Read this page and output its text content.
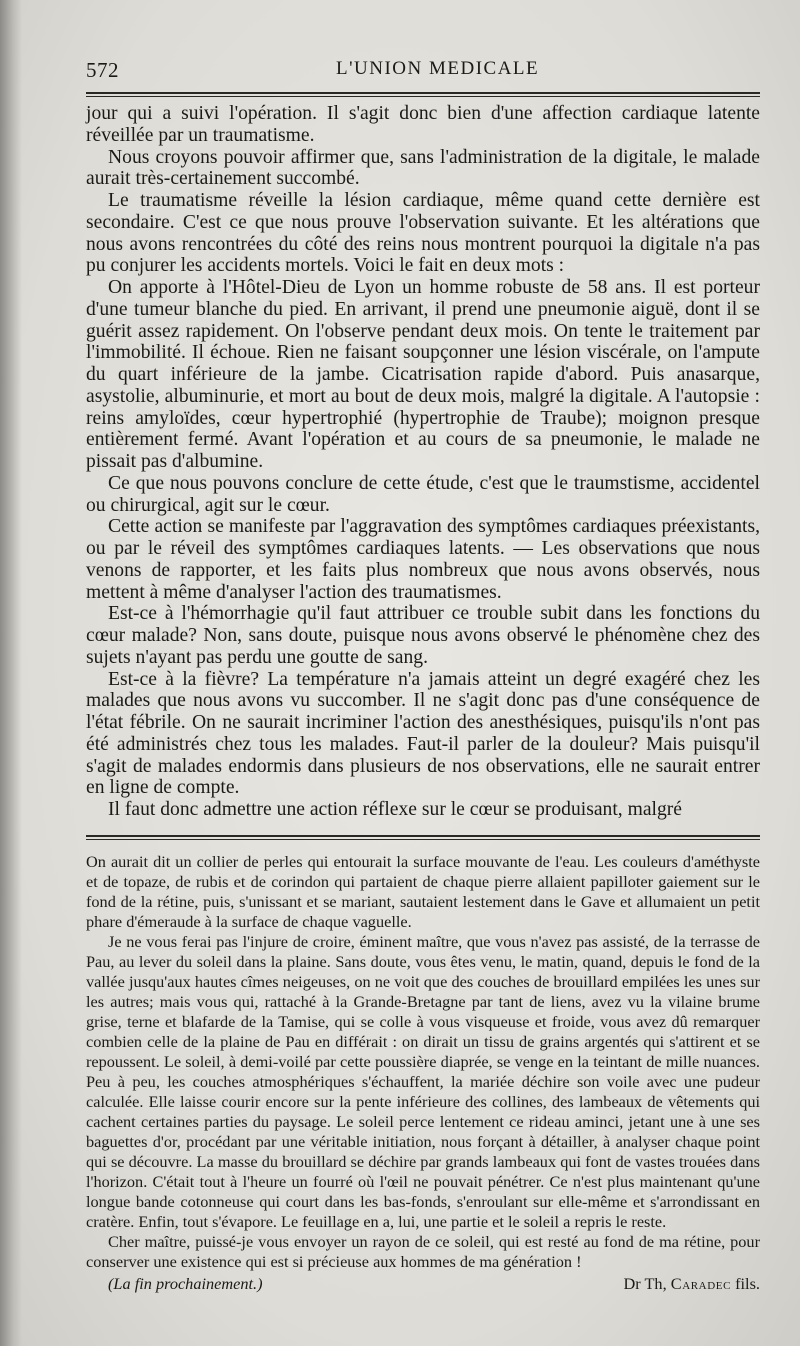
572	L'UNION MEDICALE

jour qui a suivi l'opération. Il s'agit donc bien d'une affection cardiaque latente réveillée par un traumatisme.

Nous croyons pouvoir affirmer que, sans l'administration de la digitale, le malade aurait très-certainement succombé.

Le traumatisme réveille la lésion cardiaque, même quand cette dernière est secondaire. C'est ce que nous prouve l'observation suivante. Et les altérations que nous avons rencontrées du côté des reins nous montrent pourquoi la digitale n'a pas pu conjurer les accidents mortels. Voici le fait en deux mots :

On apporte à l'Hôtel-Dieu de Lyon un homme robuste de 58 ans. Il est porteur d'une tumeur blanche du pied. En arrivant, il prend une pneumonie aiguë, dont il se guérit assez rapidement. On l'observe pendant deux mois. On tente le traitement par l'immobilité. Il échoue. Rien ne faisant soupçonner une lésion viscérale, on l'ampute du quart inférieure de la jambe. Cicatrisation rapide d'abord. Puis anasarque, asystolie, albuminurie, et mort au bout de deux mois, malgré la digitale. A l'autopsie : reins amyloïdes, cœur hypertrophié (hypertrophie de Traube); moignon presque entièrement fermé. Avant l'opération et au cours de sa pneumonie, le malade ne pissait pas d'albumine.

Ce que nous pouvons conclure de cette étude, c'est que le traumstisme, accidentel ou chirurgical, agit sur le cœur.

Cette action se manifeste par l'aggravation des symptômes cardiaques préexistants, ou par le réveil des symptômes cardiaques latents. — Les observations que nous venons de rapporter, et les faits plus nombreux que nous avons observés, nous mettent à même d'analyser l'action des traumatismes.

Est-ce à l'hémorrhagie qu'il faut attribuer ce trouble subit dans les fonctions du cœur malade? Non, sans doute, puisque nous avons observé le phénomène chez des sujets n'ayant pas perdu une goutte de sang.

Est-ce à la fièvre? La température n'a jamais atteint un degré exagéré chez les malades que nous avons vu succomber. Il ne s'agit donc pas d'une conséquence de l'état fébrile. On ne saurait incriminer l'action des anesthésiques, puisqu'ils n'ont pas été administrés chez tous les malades. Faut-il parler de la douleur? Mais puisqu'il s'agit de malades endormis dans plusieurs de nos observations, elle ne saurait entrer en ligne de compte.

Il faut donc admettre une action réflexe sur le cœur se produisant, malgré

On aurait dit un collier de perles qui entourait la surface mouvante de l'eau. Les couleurs d'améthyste et de topaze, de rubis et de corindon qui partaient de chaque pierre allaient papilloter gaiement sur le fond de la rétine, puis, s'unissant et se mariant, sautaient lestement dans le Gave et allumaient un petit phare d'émeraude à la surface de chaque vaguelle.

Je ne vous ferai pas l'injure de croire, éminent maître, que vous n'avez pas assisté, de la terrasse de Pau, au lever du soleil dans la plaine. Sans doute, vous êtes venu, le matin, quand, depuis le fond de la vallée jusqu'aux hautes cîmes neigeuses, on ne voit que des couches de brouillard empilées les unes sur les autres; mais vous qui, rattaché à la Grande-Bretagne par tant de liens, avez vu la vilaine brume grise, terne et blafarde de la Tamise, qui se colle à vous visqueuse et froide, vous avez dû remarquer combien celle de la plaine de Pau en différait : on dirait un tissu de grains argentés qui s'attirent et se repoussent. Le soleil, à demi-voilé par cette poussière diaprée, se venge en la teintant de mille nuances. Peu à peu, les couches atmosphériques s'échauffent, la mariée déchire son voile avec une pudeur calculée. Elle laisse courir encore sur la pente inférieure des collines, des lambeaux de vêtements qui cachent certaines parties du paysage. Le soleil perce lentement ce rideau aminci, jetant une à une ses baguettes d'or, procédant par une véritable initiation, nous forçant à détailler, à analyser chaque point qui se découvre. La masse du brouillard se déchire par grands lambeaux qui font de vastes trouées dans l'horizon. C'était tout à l'heure un fourré où l'œil ne pouvait pénétrer. Ce n'est plus maintenant qu'une longue bande cotonneuse qui court dans les bas-fonds, s'enroulant sur elle-même et s'arrondissant en cratère. Enfin, tout s'évapore. Le feuillage en a, lui, une partie et le soleil a repris le reste.

Cher maître, puissé-je vous envoyer un rayon de ce soleil, qui est resté au fond de ma rétine, pour conserver une existence qui est si précieuse aux hommes de ma génération !

(La fin prochainement.)	Dr Th, Caradec fils.
